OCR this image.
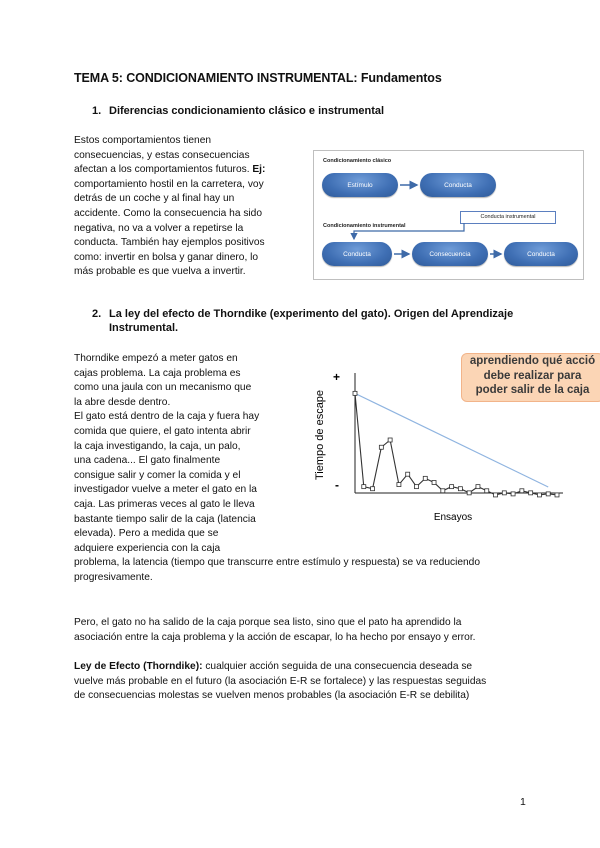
TEMA 5: CONDICIONAMIENTO INSTRUMENTAL: Fundamentos
1. Diferencias condicionamiento clásico e instrumental
Estos comportamientos tienen
consecuencias, y estas consecuencias
afectan a los comportamientos futuros. Ej:
comportamiento hostil en la carretera, voy
detrás de un coche y al final hay un
accidente. Como la consecuencia ha sido
negativa, no va a volver a repetirse la
conducta. También hay ejemplos positivos
como: invertir en bolsa y ganar dinero, lo
más probable es que vuelva a invertir.
Condicionamiento clásico
Estímulo	Conducta
Condicionamiento instrumental
Conducta	Consecuencia	Conducta
Conducta instrumental
2. La ley del efecto de Thorndike (experimento del gato). Origen del Aprendizaje
Instrumental.
Thorndike empezó a meter gatos en
cajas problema. La caja problema es
como una jaula con un mecanismo que
la abre desde dentro.
El gato está dentro de la caja y fuera hay
comida que quiere, el gato intenta abrir
la caja investigando, la caja, un palo,
una cadena... El gato finalmente
consigue salir y comer la comida y el
investigador vuelve a meter el gato en la
caja. Las primeras veces al gato le lleva
bastante tiempo salir de la caja (latencia
elevada). Pero a medida que se
adquiere experiencia con la caja
problema, la latencia (tiempo que transcurre entre estímulo y respuesta) se va reduciendo
progresivamente.
aprendiendo qué acció
debe realizar para
poder salir de la caja
+
-
Tiempo de escape
Ensayos
Pero, el gato no ha salido de la caja porque sea listo, sino que el pato ha aprendido la
asociación entre la caja problema y la acción de escapar, lo ha hecho por ensayo y error.
Ley de Efecto (Thorndike): cualquier acción seguida de una consecuencia deseada se
vuelve más probable en el futuro (la asociación E-R se fortalece) y las respuestas seguidas
de consecuencias molestas se vuelven menos probables (la asociación E-R se debilita)
1
